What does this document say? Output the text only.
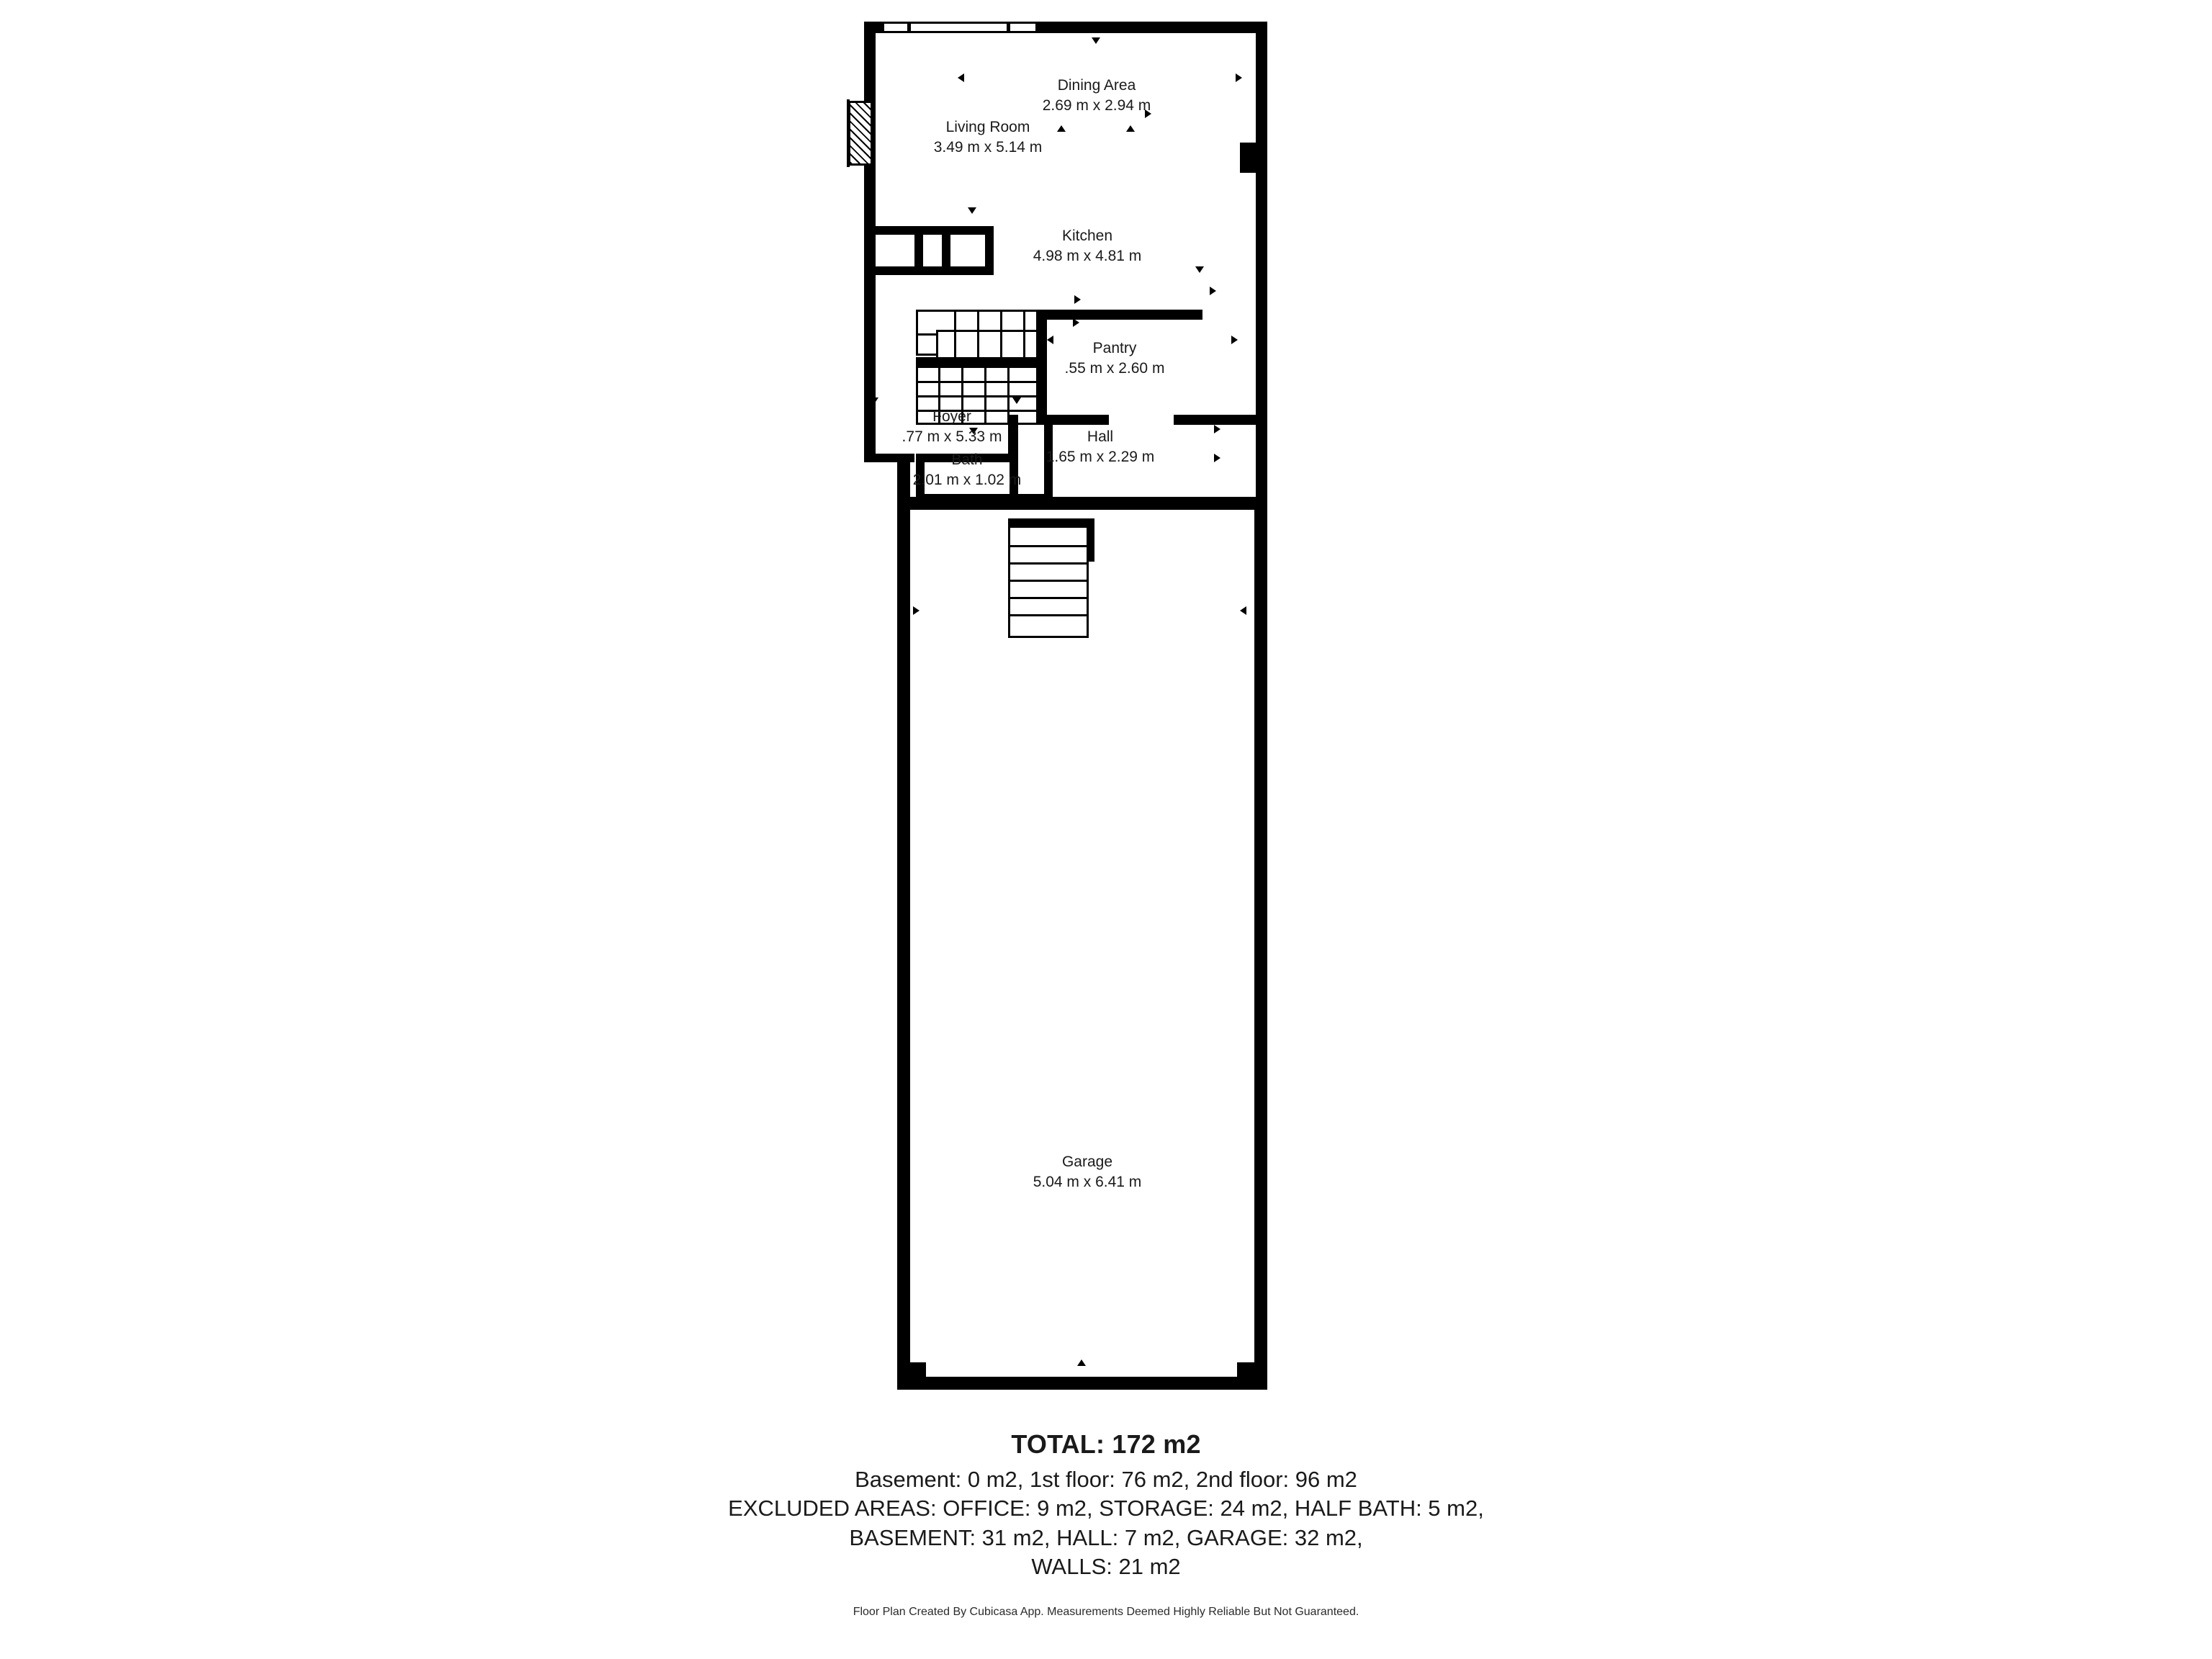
Dining Area
2.69 m x 2.94 m
Living Room
3.49 m x 5.14 m
Kitchen
4.98 m x 4.81 m
Pantry
.55 m x 2.60 m
Foyer
.77 m x 5.33 m	Hall
1.65 m x 2.29 m
Bath
2.01 m x 1.02 m
Garage
5.04 m x 6.41 m
TOTAL: 172 m2
Basement: 0 m2, 1st floor: 76 m2, 2nd floor: 96 m2
EXCLUDED AREAS: OFFICE: 9 m2, STORAGE: 24 m2, HALF BATH: 5 m2,
BASEMENT: 31 m2, HALL: 7 m2, GARAGE: 32 m2,
WALLS: 21 m2
Floor Plan Created By Cubicasa App. Measurements Deemed Highly Reliable But Not Guaranteed.
